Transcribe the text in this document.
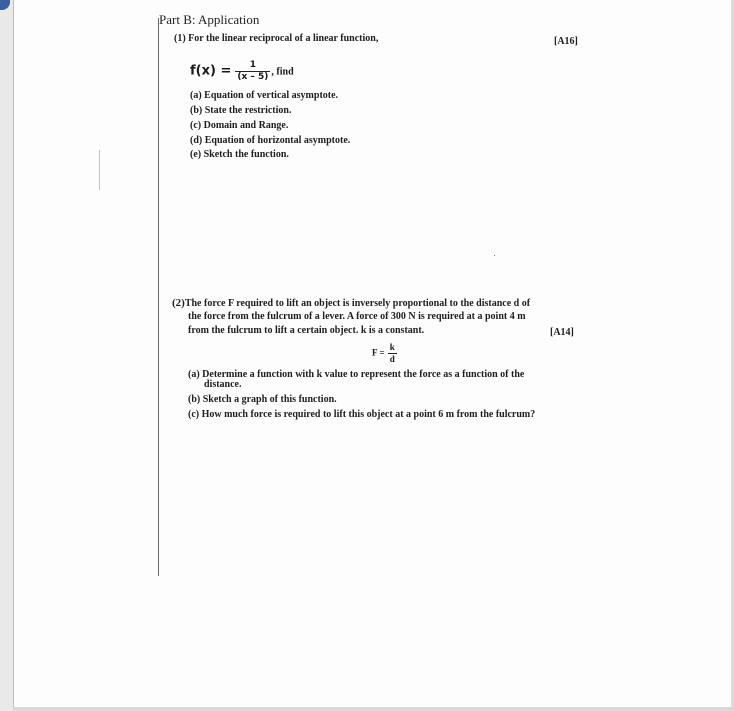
Part B: Application
(1) For the linear reciprocal of a linear function,	[A16]
$f(x) = \frac{1}{(x - 5)}$ , find
(a) Equation of vertical asymptote.
(b) State the restriction.
(c) Domain and Range.
(d) Equation of horizontal asymptote.
(e) Sketch the function.
(2)The force F required to lift an object is inversely proportional to the distance d of
the force from the fulcrum of a lever. A force of 300 N is required at a point 4 m
from the fulcrum to lift a certain object. k is a constant.	[A14]
$F = \frac{k}{d}$
(a) Determine a function with k value to represent the force as a function of the
distance.
(b) Sketch a graph of this function.
(c) How much force is required to lift this object at a point 6 m from the fulcrum?
